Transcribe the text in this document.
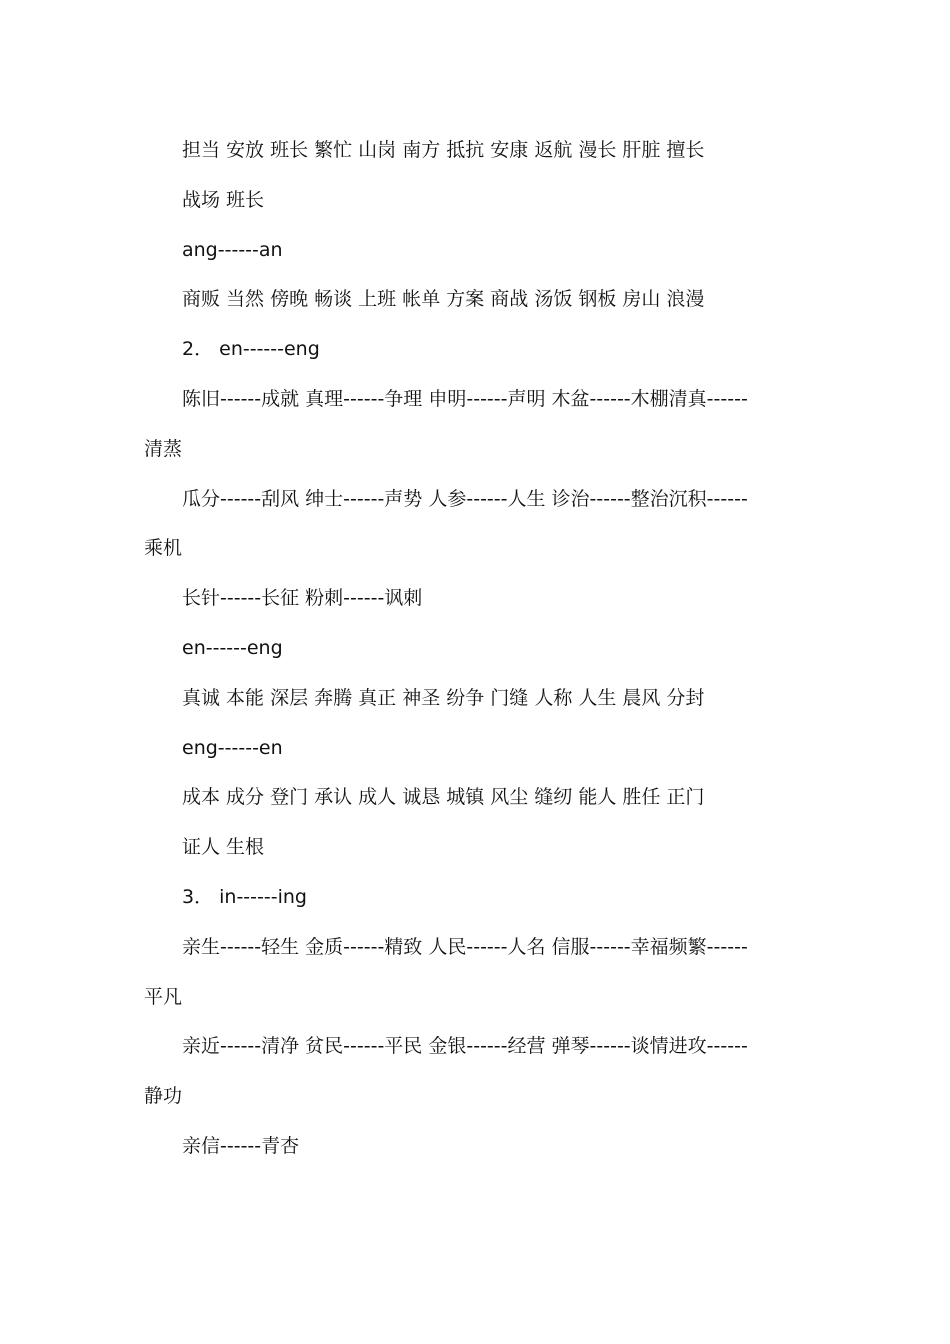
担当 安放 班长 繁忙 山岗 南方 抵抗 安康 返航 漫长 肝脏 擅长
战场 班长
ang------an
商贩 当然 傍晚 畅谈 上班 帐单 方案 商战 汤饭 钢板 房山 浪漫
2． en------eng
陈旧------成就 真理------争理 申明------声明 木盆------木棚清真------
清蒸
瓜分------刮风 绅士------声势 人参------人生 诊治------整治沉积------
乘机
长针------长征 粉刺------讽刺
en------eng
真诚 本能 深层 奔腾 真正 神圣 纷争 门缝 人称 人生 晨风 分封
eng------en
成本 成分 登门 承认 成人 诚恳 城镇 风尘 缝纫 能人 胜任 正门
证人 生根
3． in------ing
亲生------轻生 金质------精致 人民------人名 信服------幸福频繁------
平凡
亲近------清净 贫民------平民 金银------经营 弹琴------谈情进攻------
静功
亲信------青杏
